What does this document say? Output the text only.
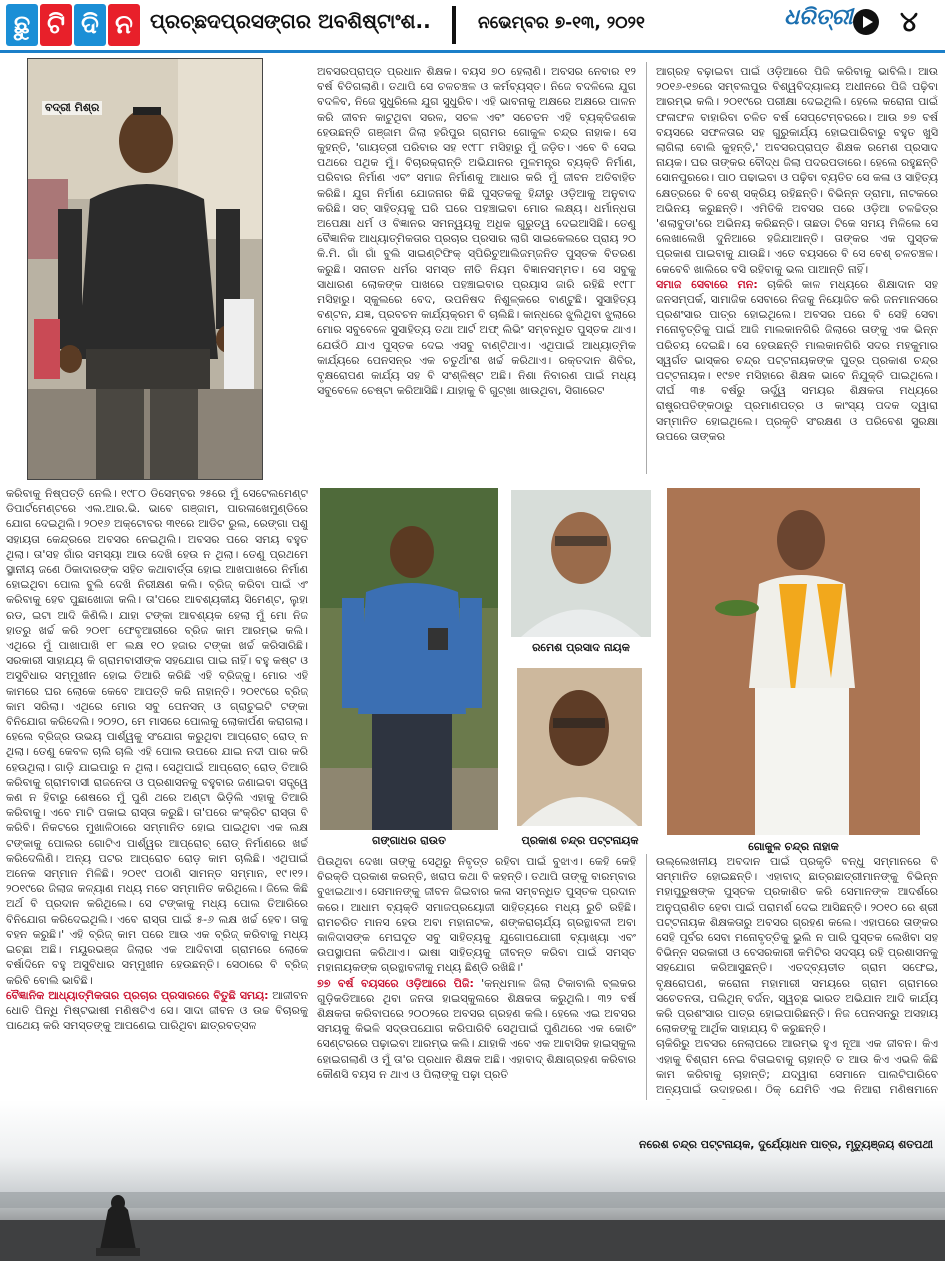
ଛୁ ଟି ଦି ନ ପ୍ରଚ୍ଛଦପ୍ରସଙ୍ଗର ଅବଶିଷ୍ଟାଂଶ..	ନଭେମ୍ବର ୭-୧୩, ୨୦୨୧	ଧରିତ୍ରୀ ୪
ବଦ୍ରୀ ମିଶ୍ର

ଅବସରପ୍ରାପ୍ତ ପ୍ରଧାନ ଶିକ୍ଷକ। ବୟସ ୭୦ ହେଲାଣି। ଅବସର ନେବାର ୧୨ ବର୍ଷ ବିତିଗଲାଣି। ତଥାପି ସେ ଚଳଚଞ୍ଚଳ ଓ କର୍ମବ୍ୟସ୍ତ। ନିଜେ ବଦଳିଲେ ଯୁଗ ବଦଳିବ, ନିଜେ ସୁଧୁରିଲେ ଯୁଗ ସୁଧୁରିବ। ଏହି ଭାବନାକୁ ଅକ୍ଷରେ ଅକ୍ଷରେ ପାଳନ କରି ଜୀବନ କାଟୁଥିବା ସରଳ, ସଚଳ ଏବଂ ସଚେତନ ଏହି ବ୍ୟକ୍ତିଜଣକ ହେଉଛନ୍ତି ଗଞ୍ଜାମ ଜିଲା ହରିପୁର ଗ୍ରାମର ଗୋକୁଳ ଚନ୍ଦ୍ର ନାହାକ। ସେ କୁହନ୍ତି, 'ଗାୟତ୍ରୀ ପରିବାର ସହ ୧୯୮୮ ମସିହାରୁ ମୁଁ ଜଡ଼ିତ। ଏବେ ବି ସେଇ ପଥରେ ପଥିକ ମୁଁ। ବିଚାରକ୍ରାନ୍ତି ଅଭିଯାନର ମୁଳମନ୍ତ୍ର ବ୍ୟକ୍ତି ନିର୍ମାଣ, ପରିବାର ନିର୍ମାଣ ଏବଂ ସମାଜ ନିର୍ମାଣକୁ ଆଧାର କରି ମୁଁ ଜୀବନ ଅତିବାହିତ କରିଛି। ଯୁଗ ନିର୍ମାଣ ଯୋଜନାର କିଛି ପୁସ୍ତକକୁ ହିନ୍ଦୀରୁ ଓଡ଼ିଆକୁ ଅନୁବାଦ କରିଛି। ସତ୍ ସାହିତ୍ୟକୁ ଘରି ଘରେ ପହଞ୍ଚାଇବା ମୋର ଲକ୍ଷ୍ୟ। ଧର୍ମାନ୍ଧତା ଅପେକ୍ଷା ଧର୍ମ ଓ ବିଜ୍ଞାନର ସମନ୍ୱୟକୁ ଅଧିକ ଗୁରୁତ୍ୱ ଦେଇଆସିଛି। ତେଣୁ ବୈଜ୍ଞାନିକ ଆଧ୍ୟାତ୍ମିକତାର ପ୍ରଚାର ପ୍ରସାର ଲାଗି ସାଇକେଲରେ ପ୍ରାୟ ୨୦ କି.ମି. ଗାଁ ଗାଁ ବୁଲି ସାଇଣ୍ଟିଫିକ୍ ସ୍ପିରିଚୁଆଲିଜମ୍‌ଜନିତ ପୁସ୍ତକ ବିତରଣ କରୁଛି। ସନାତନ ଧର୍ମର ସମସ୍ତ ନୀତି ନିୟମ ବିଜ୍ଞାନସମ୍ମତ। ସେ ସବୁକୁ ସାଧାରଣ ଲୋକଙ୍କ ପାଖରେ ପହଞ୍ଚାଇବାର ପ୍ରୟାସ ଜାରି ରହିଛି ୧୯୮୮ ମସିହାରୁ। ସ୍କୁଲରେ ବେଦ, ଉପନିଷଦ ନିଶୁଳ୍କରେ ବାଣ୍ଟୁଛି। ସୁସାହିତ୍ୟ ବଣ୍ଟନ, ଯଜ୍ଞ, ପ୍ରବଚନ କାର୍ଯ୍ୟକ୍ରମ ବି ଚାଲିଛି। କାନ୍ଧରେ ଝୁଲିଥିବା ଝୁଲାରେ ମୋର ସବୁବେଳେ ସୁସାହିତ୍ୟ ତଥା ଆର୍ଟ ଅଫ୍ ଲିଭିଂ ସମ୍ବନ୍ଧିତ ପୁସ୍ତକ ଥାଏ। ଯେଉଁଠି ଯାଏ ପୁସ୍ତକ ଦେଇ ଏସବୁ ବାଣ୍ଟିଥାଏ। ଏଥିପାଇଁ ଆଧ୍ୟାତ୍ମିକ କାର୍ଯ୍ୟରେ ପେନସନ୍‌ର ଏକ ଚତୁର୍ଥାଂଶ ଖର୍ଚ୍ଚ କରିଥାଏ। ରକ୍ତଦାନ ଶିବିର, ବୃକ୍ଷରୋପଣ କାର୍ଯ୍ୟ ସହ ବି ସଂଶ୍ଳିଷ୍ଟ ଅଛି। ନିଶା ନିବାରଣ ପାଇଁ ମଧ୍ୟ ସବୁବେଳେ ଚେଷ୍ଟା କରିଆସିଛି। ଯାହାକୁ ବି ଗୁଟ୍‌ଖା ଖାଉଥିବା, ସିଗାରେଟ

ଆଗ୍ରହ ବଢ଼ାଇବା ପାଇଁ ଓଡ଼ିଆରେ ପିଜି କରିବାକୁ ଭାବିଲି। ଆଉ ୨୦୧୬-୧୭ରେ ସମ୍ବଲପୁର ବିଶ୍ୱବିଦ୍ୟାଳୟ ଅଧୀନରେ ପିଜି ପଢ଼ିବା ଆରମ୍ଭ କଲି। ୨୦୧୯ରେ ପରୀକ୍ଷା ଦେଇଥିଲି। ହେଲେ କରୋନା ପାଇଁ ଫଳାଫଳ ବାହାରିବା ଚଳିତ ବର୍ଷ ସେପ୍ଟେମ୍ବରରେ। ଆଉ ୭୭ ବର୍ଷ ବୟସରେ ସଫଳତାର ସହ ଗୁରୁକାର୍ଯ୍ୟ ହୋଇପାରିବାରୁ ବହୁତ ଖୁସି ଲାଗିଲା ବୋଲି କୁହନ୍ତି,' ଅବସରପ୍ରାପ୍ତ ଶିକ୍ଷକ ରମେଶ ପ୍ରସାଦ ନାୟକ। ଘର ତାଙ୍କର ବୌଦ୍ଧ ଜିଲା ପଦରପଡାରେ। ହେଲେ ରହୁଛନ୍ତି ସୋନପୁରରେ। ପାଠ ପଢାଇବା ଓ ପଢ଼ିବା ବ୍ୟତିତ ସେ କଳା ଓ ସାହିତ୍ୟ କ୍ଷେତ୍ରରେ ବି ବେଶ୍ ସକ୍ରିୟ ରହିଛନ୍ତି। ବିଭିନ୍ନ ଡ୍ରାମା, ନାଟକରେ ଅଭିନୟ କରୁଛନ୍ତି। ଏମିତିକି ଅବସର ପରେ ଓଡ଼ିଆ ଚଳଚ୍ଚିତ୍ର 'ଶଲାବୁଡା'ରେ ଅଭିନୟ କରିଛନ୍ତି। ତାଛଡା ଟିକେ ସମୟ ମିଳିଲେ ସେ ଲେଖାଲେଖି ଦୁନିଆରେ ହଜିଯାଆନ୍ତି। ତାଙ୍କର ଏକ ପୁସ୍ତକ ପ୍ରକାଶ ପାଇବାକୁ ଯାଉଛି। ଏତେ ବୟସରେ ବି ସେ ବେଶ୍ ଚଳଚଞ୍ଚଳ। କେବେବି ଖାଲିରେ ବସି ରହିବାକୁ ଭଲ ପାଆନ୍ତି ନାହିଁ।

ସମାଜ ସେବାରେ ମନ: ଚାକିରି କାଳ ମଧ୍ୟରେ ଶିକ୍ଷାଦାନ ସହ ଜନସମ୍ପର୍କ, ସାମାଜିକ ସେବାରେ ନିଜକୁ ନିୟୋଜିତ କରି ଜନମାନସରେ ପ୍ରଶଂସାର ପାତ୍ର ହୋଇଥିଲେ। ଅବସର ପରେ ବି ସେହି ସେବା ମନୋବୃତ୍ତିକୁ ପାଇଁ ଆଜି ମାଲକାନଗିରି ଜିଲାରେ ତାଙ୍କୁ ଏକ ଭିନ୍ନ ପରିଚୟ ଦେଇଛି। ସେ ହେଉଛନ୍ତି ମାଲକାନଗିରି ସଦର ମହକୁମାର ସ୍ୱର୍ଗତ ଭାସ୍କର ଚନ୍ଦ୍ର ପଟ୍ଟନାୟକଙ୍କ ପୁତ୍ର ପ୍ରକାଶ ଚନ୍ଦ୍ର ପଟ୍ଟନାୟକ। ୧୯୭୧ ମସିହାରେ ଶିକ୍ଷକ ଭାବେ ନିଯୁକ୍ତି ପାଇଥିଲେ। ଦୀର୍ଘ ୩୫ ବର୍ଷରୁ ଊର୍ଦ୍ଧ୍ୱ ସମୟର ଶିକ୍ଷକତା ମଧ୍ୟରେ ରାଷ୍ଟ୍ରପତିଙ୍କଠାରୁ ପ୍ରମାଣପତ୍ର ଓ କାଂସ୍ୟ ପଦକ ଦ୍ୱାରା ସମ୍ମାନିତ ହୋଇଥିଲେ। ପ୍ରକୃତି ସଂରକ୍ଷଣ ଓ ପରିବେଶ ସୁରକ୍ଷା ଉପରେ ତାଙ୍କର

କରିବାକୁ ନିଷ୍ପତ୍ତି ନେଲି। ୧୯୮୦ ଡିସେମ୍ବର ୨୫ରେ ମୁଁ ସେଟେଲମେଣ୍ଟ ଡିପାର୍ଟମେଣ୍ଟରେ ଏଲ.ଆର.ଭି. ଭାବେ ଗଞ୍ଜାମ, ପାରଳାଖେମୁଣ୍ଡିରେ ଯୋଗ ଦେଇଥିଲି। ୨୦୧୬ ଅକ୍ଟୋବର ୩୧ରେ ଆଡିଟ ରୁଲ, ରେଙ୍ଗା ପଶୁ ସହାୟତା କେନ୍ଦ୍ରରେ ଅବସର ନେଇଥିଲି। ଅବସର ପରେ ସମୟ ବହୁତ ଥିଲା। ତା'ସହ ଗାଁର ସମସ୍ୟା ଆଉ ଦେଖି ହେଉ ନ ଥିଲା। ତେଣୁ ପ୍ରଥମେ ସ୍ଥାନୀୟ ଜଣେ ଠିକାଦାରଙ୍କ ସହିତ କଥାବାର୍ତ୍ତା ହୋଇ ଆଖପାଖରେ ନିର୍ମାଣ ହୋଇଥିବା ପୋଲ ବୁଲି ଦେଖି ନିରୀକ୍ଷଣ କଲି। ବ୍ରିଜ୍ କରିବା ପାଇଁ ଏଂ କରିବାକୁ ହେବ ପୁଛାଖୋଜା କଲି। ତା'ପରେ ଆବଶ୍ୟକୀୟ ସିମେଣ୍ଟ, ଲୁହା ରଡ, ଇଟା ଆଦି କିଣିଲି। ଯାହା ଟଙ୍କା ଆବଶ୍ୟକ ହେଲା ମୁଁ ମୋ ନିଜ ହାତରୁ ଖର୍ଚ୍ଚ କରି ୨୦୧୮ ଫେବୃଆରୀରେ ବ୍ରିଜ କାମ ଆରମ୍ଭ କଲି। ଏଥିରେ ମୁଁ ପାଖାପାଖି ୧୮ ଲକ୍ଷ ୧୦ ହଜାର ଟଙ୍କା ଖର୍ଚ୍ଚ କରିସାରିଛି। ସରକାରୀ ସାହାଯ୍ୟ କି ଗ୍ରାମବାସୀଙ୍କ ସହଯୋଗ ପାଇ ନାହିଁ। ବହୁ କଷ୍ଟ ଓ ଅସୁବିଧାର ସମ୍ମୁଖୀନ ହୋଇ ତିଆରି କରିଛି ଏହି ବ୍ରିଜ୍‌କୁ। ମୋର ଏହି କାମରେ ଘର ଲୋକେ କେବେ ଆପତ୍ତି କରି ନାହାନ୍ତି। ୨୦୧୯ରେ ବ୍ରିଜ୍ କାମ ସରିଲା। ଏଥିରେ ମୋର ସବୁ ପେନସନ୍ ଓ ଗ୍ରାଚୁଇଟି ଟଙ୍କା ବିନିଯୋଗ କରିଦେଲି। ୨୦୨୦, ମେ ମାସରେ ପୋଲକୁ ଲୋକାର୍ପଣ କରାଗଲା। ହେଲେ ବ୍ରିଜ୍‌ର ଉଭୟ ପାର୍ଶ୍ୱକୁ ସଂଯୋଗ କରୁଥିବା ଆପ୍ରୋଚ୍ ରୋଡ୍ ନ ଥିଲା। ତେଣୁ କେବଳ ଚାଲି ଚାଲି ଏହି ପୋଲ ଉପରେ ଯାଇ ନଦୀ ପାର କରି ହେଉଥିଲା। ଗାଡ଼ି ଯାଇପାରୁ ନ ଥିଲା। ସେଥିପାଇଁ ଆପ୍ରୋଚ୍ ରୋଡ୍ ତିଆରି କରିବାକୁ ଗ୍ରାମବାସୀ ରାଜନେତା ଓ ପ୍ରଶାସନକୁ ବହୁବାର ଜଣାଇବା ସତ୍ତ୍ୱେ କଣ ନ ହିବାରୁ ଶେଷରେ ମୁଁ ପୁଣି ଥରେ ଅଣ୍ଟା ଭିଡ଼ିଲି ଏହାକୁ ତିଆରି କରିବାକୁ। ଏବେ ମାଟି ପକାଇ ରାସ୍ତା କରୁଛି। ତା'ପରେ କଂକ୍ରିଟ ରାସ୍ତା ବି କରିବି। ନିକଟରେ ମୁଖାଳିଠାରେ ସମ୍ମାନିତ ହୋଇ ପାଇଥିବା ଏକ ଲକ୍ଷ ଟଙ୍କାକୁ ପୋଲର ଗୋଟିଏ ପାର୍ଶ୍ୱର ଆପ୍ରୋଚ୍ ରୋଡ୍ ନିର୍ମାଣରେ ଖର୍ଚ୍ଚ କରିଦେଲିଣି। ଅନ୍ୟ ପଟର ଆପ୍ରୋଚ ରୋଡ଼ କାମ ଚାଲିଛି। ଏଥିପାଇଁ ଅନେକ ସମ୍ମାନ ମିଳିଛି। ୨୦୧୯ ପଠାଣି ସାମନ୍ତ ସମ୍ମାନ, ୧୯।୧୨।୨୦୧୯ରେ ଜିଲାଜ କଳ୍ୟାଣ ମଧ୍ୟ ମଚେ ସମ୍ମାନିତ କରିଥିଲେ। ଜିଲେ କିଛି ଅର୍ଥ ବି ପ୍ରଦାନ କରିଥିଲେ। ସେ ଟଙ୍କାକୁ ମଧ୍ୟ ପୋଲ ତିଆରିରେ ବିନିଯୋଗ କରିଦେଇଥିଲି। ଏବେ ରାସ୍ତା ପାଇଁ ୫-୬ ଲକ୍ଷ ଖର୍ଚ୍ଚ ହେବ। ତାକୁ ବହନ କରୁଛି।' ଏହି ବ୍ରିଜ୍ କାମ ପରେ ଆଉ ଏକ ବ୍ରିଜ୍ କରିବାକୁ ମଧ୍ୟ ଇଚ୍ଛା ଅଛି। ମୟୂରଭଞ୍ଜ ଜିଲାର ଏକ ଆଦିବାସୀ ଗ୍ରାମରେ ଲୋକେ ବର୍ଷାଦିନେ ବହୁ ଅସୁବିଧାର ସମ୍ମୁଖୀନ ହେଉଛନ୍ତି। ସେଠାରେ ବି ବ୍ରିଜ୍ କରିବି ବୋଲି ଭାବିଛି।

ବୈଜ୍ଞାନିକ ଆଧ୍ୟାତ୍ମିକତାର ପ୍ରଚାର ପ୍ରସାରରେ ବିତୁଛି ସମୟ: ଆଜୀବନ ଧୋତି ପିନ୍ଧି ମିଷ୍ଟଭାଷୀ ମଣିଷଟିଏ ସେ। ସାଦା ଜୀବନ ଓ ଉଚ୍ଚ ବିଚାରକୁ ପାଥେୟ କରି ସମସ୍ତଙ୍କୁ ଆପଣେଇ ପାରିଥିବା ଛାତ୍ରବତ୍ସଳ

ଗଙ୍ଗାଧର ରାଉତ
ରମେଶ ପ୍ରସାଦ ନାୟକ
ପ୍ରକାଶ ଚନ୍ଦ୍ର ପଟ୍ଟନାୟକ	ଗୋକୁଳ ଚନ୍ଦ୍ର ନାହାକ

ପିଉଥିବା ଦେଖା ତାଙ୍କୁ ସେଥିରୁ ନିବୃତ୍ତ ରହିବା ପାଇଁ ବୁଝାଏ। କେହି କେହି ବିରକ୍ତି ପ୍ରକାଶ କରନ୍ତି, ଖରାପ କଥା ବି କହନ୍ତି। ତଥାପି ତାଙ୍କୁ ବାରମ୍ବାର ବୁଝାଇଥାଏ। ସେମାନଙ୍କୁ ଜୀବନ ଜିଇବାର କଳା ସମ୍ବନ୍ଧିତ ପୁସ୍ତକ ପ୍ରଦାନ କରେ। ଆଧାମ ବ୍ୟକ୍ତି ସମାଜପ୍ରୟୋଜୀ ସାହିତ୍ୟରେ ମଧ୍ୟ ରୁଚି ରହିଛି। ରାମଚରିତ ମାନସ ହେଉ ଅବା ମହାନାଟକ, ଶଙ୍କରାଚାର୍ଯ୍ୟ ଗ୍ରନ୍ଥାବଳୀ ଅବା କାଳିଦାସଙ୍କ ମେଘଦୂତ ସବୁ ସାହିତ୍ୟକୁ ଯୁଗୋପଯୋଗୀ ବ୍ୟାଖ୍ୟା ଏବଂ ଉପସ୍ଥାପନା କରିଥାଏ। ଭାଷା ସାହିତ୍ୟକୁ ଜୀବନ୍ତ କରିବା ପାଇଁ ସମସ୍ତ ମହାନାୟକଙ୍କ ଗ୍ରନ୍ଥାବଳୀକୁ ମଧ୍ୟ ଛିଣ୍ଡି ରଖିଛି।'

୭୭ ବର୍ଷ ବୟସରେ ଓଡ଼ିଆରେ ପିଜି: 'କନ୍ଧମାଳ ଜିଲା ଟିକାବାଲି ବ୍ଲକର ଗୁଡ଼ିକଡିଆରେ ଥିବା ଜନତା ହାଇସ୍କୁଲରେ ଶିକ୍ଷକତା କରୁଥିଲି। ୩୨ ବର୍ଷ ଶିକ୍ଷକତା କରିବାପରେ ୨୦୦୨ରେ ଅବସର ଗ୍ରହଣ କଲି। ହେଲେ ଏଇ ଅବସର ସମୟକୁ କିଭଳି ସଦ୍ଉପଯୋଗ କରିପାରିବି ସେଥିପାଇଁ ପୁଣିଥରେ ଏକ କୋଚିଂ ସେଣ୍ଟରରେ ପଢ଼ାଇବା ଆରମ୍ଭ କଲି। ଯାହାକି ଏବେ ଏକ ଆବାସିକ ହାଇସ୍କୁଲ ହୋଇଗଲାଣି ଓ ମୁଁ ତା'ର ପ୍ରଧାନ ଶିକ୍ଷକ ଅଛି। ଏହାବାଦ୍ ଶିକ୍ଷାଗ୍ରହଣ କରିବାର କୌଣସି ବୟସ ନ ଥାଏ ଓ ପିଲାଙ୍କୁ ପଢ଼ା ପ୍ରତି

ଉଲ୍ଲେଖନୀୟ ଅବଦାନ ପାଇଁ ପ୍ରକୃତି ବନ୍ଧୁ ସମ୍ମାନରେ ବି ସମ୍ମାନିତ ହୋଇଛନ୍ତି। ଏହାବାଦ୍ ଛାତ୍ରଛାତ୍ରୀମାନଙ୍କୁ ବିଭିନ୍ନ ମହାପୁରୁଷଙ୍କ ପୁସ୍ତକ ପ୍ରକାଶିତ କରି ସେମାନଙ୍କ ଆଦର୍ଶରେ ଅନୁପ୍ରାଣିତ ହେବା ପାଇଁ ପରାମର୍ଶ ଦେଇ ଆସିଛନ୍ତି। ୨୦୧୦ ରେ ଶ୍ରୀ ପଟ୍ଟନାୟକ ଶିକ୍ଷକତାରୁ ଅବସର ଗ୍ରହଣ କଲେ। ଏହାପରେ ତାଙ୍କର ସେହି ପୂର୍ବର ସେବା ମନୋବୃତ୍ତିକୁ ଭୁଲି ନ ପାରି ପୁସ୍ତକ ଲେଖିବା ସହ ବିଭିନ୍ନ ସରକାରୀ ଓ ବେସରକାରୀ କମିଟିର ସଦସ୍ୟ ରହି ପ୍ରଶାସନକୁ ସହଯୋଗ କରିଆସୁଛନ୍ତି। ଏତଦ୍‌ବ୍ୟତୀତ ଗ୍ରାମ ସଫେଇ, ବୃକ୍ଷରୋପଣ, କରୋନା ମହାମାରୀ ସମୟରେ ଗ୍ରାମ ଗ୍ରାମରେ ସଚେତନତା, ପଲିଥିନ୍ ବର୍ଜନ, ସ୍ୱଚ୍ଛ ଭାରତ ଅଭିଯାନ ଆଦି କାର୍ଯ୍ୟ କରି ପ୍ରଶଂସାର ପାତ୍ର ହୋଇପାରିଛନ୍ତି। ନିଜ ପେନସନ୍‌ରୁ ଅସହାୟ ଲୋକଙ୍କୁ ଆର୍ଥିକ ସାହାଯ୍ୟ ବି କରୁଛନ୍ତି।

ଚାକିରିରୁ ଅବସର ନେଲାପରେ ଆରମ୍ଭ ହୁଏ ନୂଆ ଏକ ଜୀବନ। କିଏ ଏହାକୁ ବିଶ୍ରାମ ନେଇ ବିତାଇବାକୁ ଚାହାନ୍ତି ତ ଆଉ କିଏ ଏଭଳି କିଛି କାମ କରିବାକୁ ଚାହାନ୍ତି; ଯଦ୍ୱାରା ସେମାନେ ପାଲଟିପାରିବେ ଅନ୍ୟପାଇଁ ଉଦାହରଣ। ଠିକ୍ ଯେମିତି ଏଇ ନିଆରା ମଣିଷମାନେ

ନରେଶ ଚନ୍ଦ୍ର ପଟ୍ଟନାୟକ, ଦୁର୍ଯ୍ୟୋଧନ ପାତ୍ର, ମୃତ୍ୟୁଞ୍ଜୟ ଶତପଥୀ
